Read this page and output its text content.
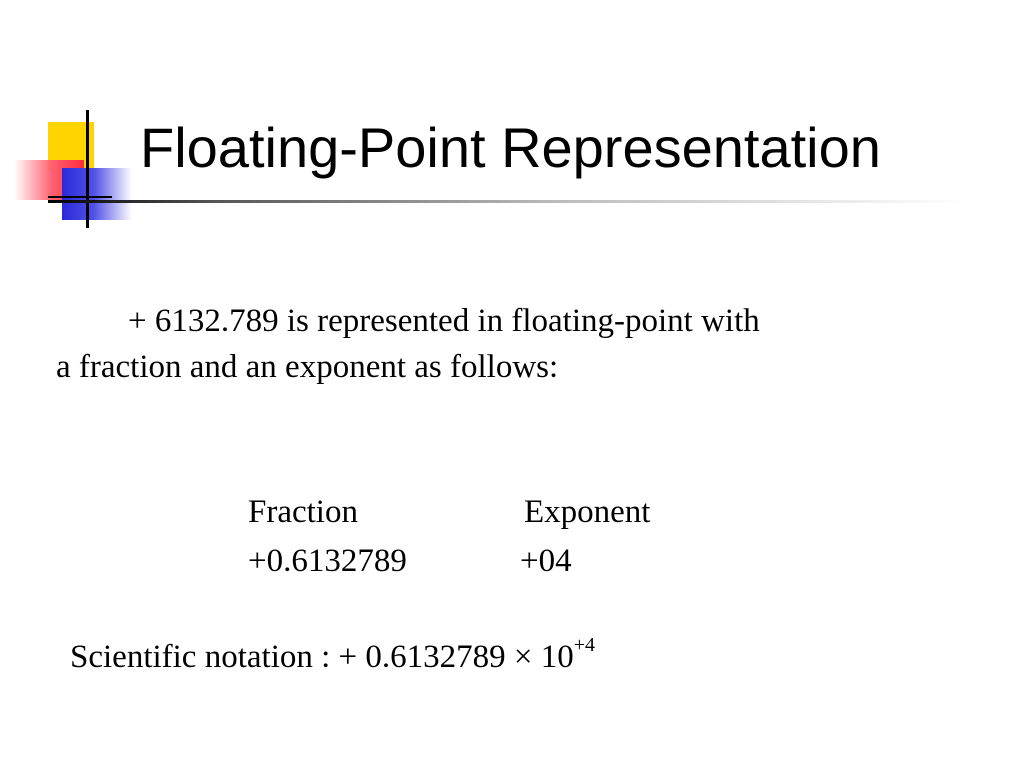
Floating-Point Representation
+ 6132.789 is represented in floating-point with
a fraction and an exponent as follows:
Fraction	Exponent
+0.6132789	+04
Scientific notation : + $0.6132789 \times 10^{+4}$
